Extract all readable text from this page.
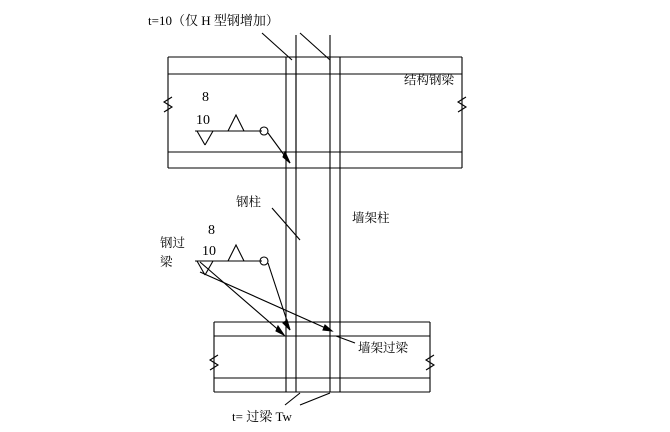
t=10（仅 H 型钢增加）
结构钢梁
8
10
钢柱
墙架柱
8
10
钢过梁
墙架过梁
t= 过梁 Tw
